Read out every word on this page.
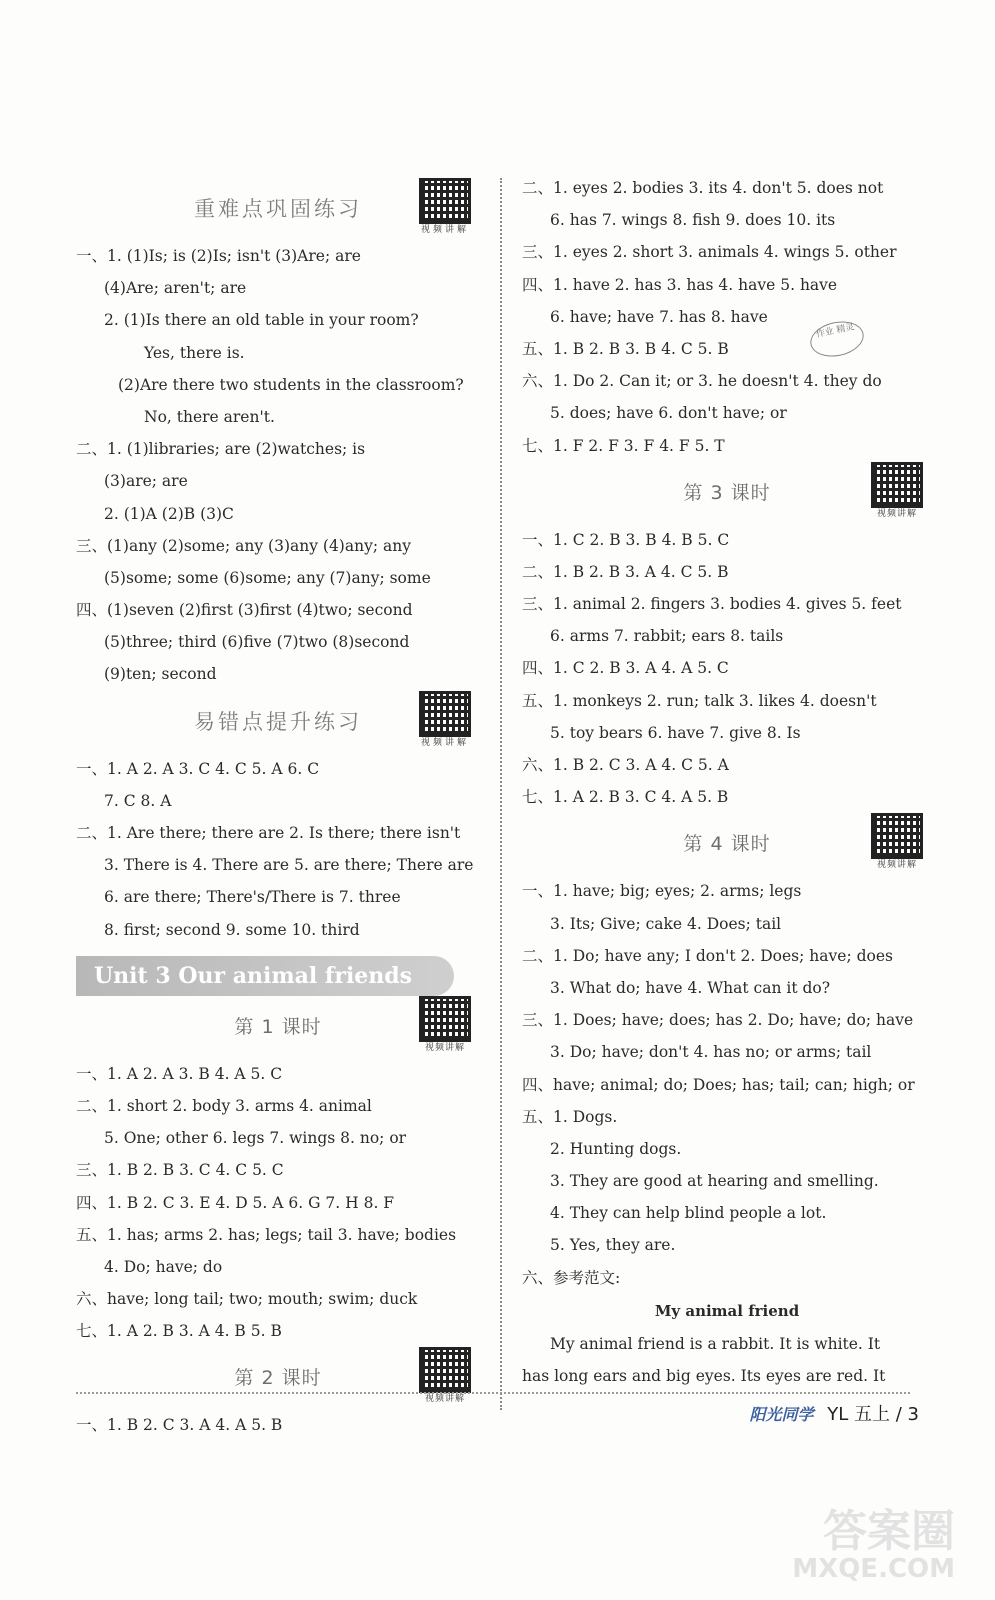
重难点巩固练习
视频讲解
一、1. (1)Is; is (2)Is; isn't (3)Are; are
(4)Are; aren't; are
2. (1)Is there an old table in your room?
Yes, there is.
(2)Are there two students in the classroom?
No, there aren't.
二、1. (1)libraries; are (2)watches; is
(3)are; are
2. (1)A (2)B (3)C
三、(1)any (2)some; any (3)any (4)any; any
(5)some; some (6)some; any (7)any; some
四、(1)seven (2)first (3)first (4)two; second
(5)three; third (6)five (7)two (8)second
(9)ten; second
易错点提升练习
视频讲解
一、1. A 2. A 3. C 4. C 5. A 6. C
7. C 8. A
二、1. Are there; there are 2. Is there; there isn't
3. There is 4. There are 5. are there; There are
6. are there; There's/There is 7. three
8. first; second 9. some 10. third
Unit 3 Our animal friends
第 1 课时
视频讲解
一、1. A 2. A 3. B 4. A 5. C
二、1. short 2. body 3. arms 4. animal
5. One; other 6. legs 7. wings 8. no; or
三、1. B 2. B 3. C 4. C 5. C
四、1. B 2. C 3. E 4. D 5. A 6. G 7. H 8. F
五、1. has; arms 2. has; legs; tail 3. have; bodies
4. Do; have; do
六、have; long tail; two; mouth; swim; duck
七、1. A 2. B 3. A 4. B 5. B
第 2 课时
视频讲解
一、1. B 2. C 3. A 4. A 5. B
二、1. eyes 2. bodies 3. its 4. don't 5. does not
6. has 7. wings 8. fish 9. does 10. its
三、1. eyes 2. short 3. animals 4. wings 5. other
四、1. have 2. has 3. has 4. have 5. have
6. have; have 7. has 8. have
五、1. B 2. B 3. B 4. C 5. B
六、1. Do 2. Can it; or 3. he doesn't 4. they do
5. does; have 6. don't have; or
七、1. F 2. F 3. F 4. F 5. T
作业 精灵
第 3 课时
视频讲解
一、1. C 2. B 3. B 4. B 5. C
二、1. B 2. B 3. A 4. C 5. B
三、1. animal 2. fingers 3. bodies 4. gives 5. feet
6. arms 7. rabbit; ears 8. tails
四、1. C 2. B 3. A 4. A 5. C
五、1. monkeys 2. run; talk 3. likes 4. doesn't
5. toy bears 6. have 7. give 8. Is
六、1. B 2. C 3. A 4. C 5. A
七、1. A 2. B 3. C 4. A 5. B
第 4 课时
视频讲解
一、1. have; big; eyes; 2. arms; legs
3. Its; Give; cake 4. Does; tail
二、1. Do; have any; I don't 2. Does; have; does
3. What do; have 4. What can it do?
三、1. Does; have; does; has 2. Do; have; do; have
3. Do; have; don't 4. has no; or arms; tail
四、have; animal; do; Does; has; tail; can; high; or
五、1. Dogs.
2. Hunting dogs.
3. They are good at hearing and smelling.
4. They can help blind people a lot.
5. Yes, they are.
六、参考范文:
My animal friend
My animal friend is a rabbit. It is white. It
has long ears and big eyes. Its eyes are red. It
阳光同学 YL 五上 / 3
答案圈
MXQE.COM
